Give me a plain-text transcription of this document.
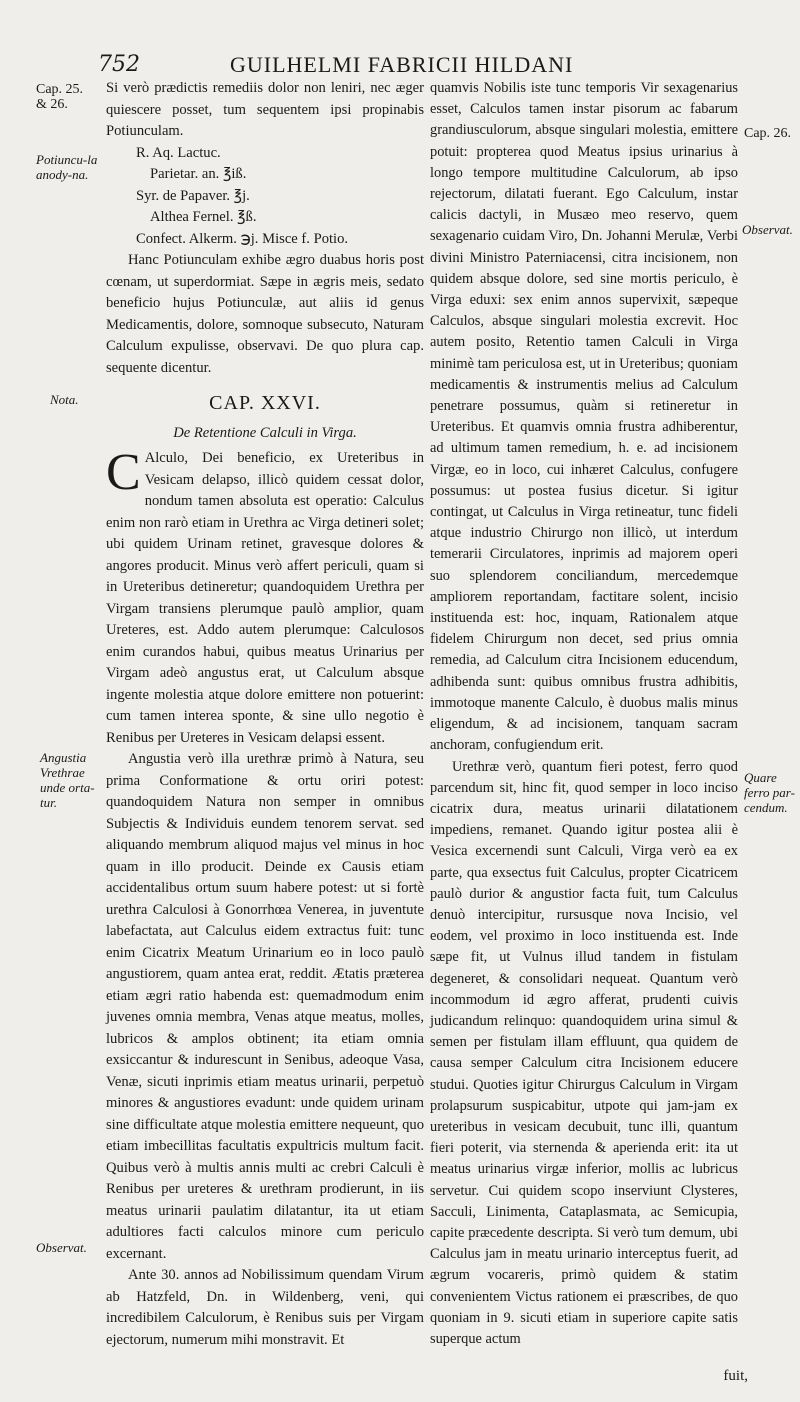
752	GUILHELMI FABRICII HILDANI
Cap. 25. & 26.
Potiuncu-la anody-na.
Nota.
Angustia Vrethrae unde orta-tur.
Observat.
Cap. 26.
Observat.
Quare ferro par-cendum.

Si verò prædictis remediis dolor non leniri, nec æger quiescere posset, tum sequentem ipsi propinabis Potiunculam.

R. Aq. Lactuc.

Parietar. an. ℥iß.

Syr. de Papaver. ℥j.

Althea Fernel. ℥ß.

Confect. Alkerm. ℈j. Misce f. Potio.

Hanc Potiunculam exhibe ægro duabus horis post cœnam, ut superdormiat. Sæpe in ægris meis, sedato beneficio hujus Potiunculæ, aut aliis id genus Medicamentis, dolore, somnoque subsecuto, Naturam Calculum expulisse, observavi. De quo plura cap. sequente dicentur.

CAP. XXVI.

De Retentione Calculi in Virga.

C Alculo, Dei beneficio, ex Ureteribus in Vesicam delapso, illicò quidem cessat dolor, nondum tamen absoluta est operatio: Calculus enim non rarò etiam in Urethra ac Virga detineri solet; ubi quidem Urinam retinet, gravesque dolores & angores producit. Minus verò affert periculi, quam si in Ureteribus detineretur; quandoquidem Urethra per Virgam transiens plerumque paulò amplior, quam Ureteres, est. Addo autem plerumque: Calculosos enim curandos habui, quibus meatus Urinarius per Virgam adeò angustus erat, ut Calculum absque ingente molestia atque dolore emittere non potuerint: cum tamen interea sponte, & sine ullo negotio è Renibus per Ureteres in Vesicam delapsi essent.

Angustia verò illa urethræ primò à Natura, seu prima Conformatione & ortu oriri potest: quandoquidem Natura non semper in omnibus Subjectis & Individuis eundem tenorem servat. sed aliquando membrum aliquod majus vel minus in hoc quam in illo producit. Deinde ex Causis etiam accidentalibus ortum suum habere potest: ut si fortè urethra Calculosi à Gonorrhœa Venerea, in juventute labefactata, aut Calculus eidem extractus fuit: tunc enim Cicatrix Meatum Urinarium eo in loco paulò angustiorem, quam antea erat, reddit. Ætatis præterea etiam ægri ratio habenda est: quemadmodum enim juvenes omnia membra, Venas atque meatus, molles, lubricos & amplos obtinent; ita etiam omnia exsiccantur & indurescunt in Senibus, adeoque Vasa, Venæ, sicuti inprimis etiam meatus urinarii, perpetuò minores & angustiores evadunt: unde quidem urinam sine difficultate atque molestia emittere nequeunt, quo etiam imbecillitas facultatis expultricis multum facit. Quibus verò à multis annis multi ac crebri Calculi è Renibus per ureteres & urethram prodierunt, in iis meatus urinarii paulatim dilatantur, ita ut etiam adultiores facti calculos minore cum periculo excernant.

Ante 30. annos ad Nobilissimum quendam Virum ab Hatzfeld, Dn. in Wildenberg, veni, qui incredibilem Calculorum, è Renibus suis per Virgam ejectorum, numerum mihi monstravit. Et

quamvis Nobilis iste tunc temporis Vir sexagenarius esset, Calculos tamen instar pisorum ac fabarum grandiusculorum, absque singulari molestia, emittere potuit: propterea quod Meatus ipsius urinarius à longo tempore multitudine Calculorum, ab ipso rejectorum, dilatati fuerant. Ego Calculum, instar calicis dactyli, in Musæo meo reservo, quem sexagenario cuidam Viro, Dn. Johanni Merulæ, Verbi divini Ministro Paterniacensi, citra incisionem, non quidem absque dolore, sed sine mortis periculo, è Virga eduxi: sex enim annos supervixit, sæpeque Calculos, absque singulari molestia excrevit. Hoc autem posito, Retentio tamen Calculi in Virga minimè tam periculosa est, ut in Ureteribus; quoniam medicamentis & instrumentis melius ad Calculum penetrare possumus, quàm si retineretur in Ureteribus. Et quamvis omnia frustra adhiberentur, ad ultimum tamen remedium, h. e. ad incisionem Virgæ, eo in loco, cui inhæret Calculus, confugere possumus: ut postea fusius dicetur. Si igitur contingat, ut Calculus in Virga retineatur, tunc fideli atque industrio Chirurgo non illicò, ut interdum temerarii Circulatores, inprimis ad majorem operi suo splendorem conciliandum, mercedemque ampliorem reportandam, factitare solent, incisio instituenda est: hoc, inquam, Rationalem atque fidelem Chirurgum non decet, sed prius omnia remedia, ad Calculum citra Incisionem educendum, adhibenda sunt: quibus omnibus frustra adhibitis, immotoque manente Calculo, è duobus malis minus eligendum, & ad incisionem, tanquam sacram anchoram, confugiendum erit.

Urethræ verò, quantum fieri potest, ferro quod parcendum sit, hinc fit, quod semper in loco inciso cicatrix dura, meatus urinarii dilatationem impediens, remanet. Quando igitur postea alii è Vesica excernendi sunt Calculi, Virga verò ea ex parte, qua exsectus fuit Calculus, propter Cicatricem paulò durior & angustior facta fuit, tum Calculus denuò intercipitur, rursusque nova Incisio, vel eodem, vel proximo in loco instituenda est. Inde sæpe fit, ut Vulnus illud tandem in fistulam degeneret, & consolidari nequeat. Quantum verò incommodum id ægro afferat, prudenti cuivis judicandum relinquo: quandoquidem urina simul & semen per fistulam illam effluunt, qua quidem de causa semper Calculum citra Incisionem educere studui. Quoties igitur Chirurgus Calculum in Virgam prolapsurum suspicabitur, utpote qui jam-jam ex ureteribus in vesicam decubuit, tunc illi, quantum fieri poterit, via sternenda & aperienda erit: ita ut meatus urinarius virgæ inferior, mollis ac lubricus servetur. Cui quidem scopo inserviunt Clysteres, Sacculi, Linimenta, Cataplasmata, ac Semicupia, capite præcedente descripta. Si verò tum demum, ubi Calculus jam in meatu urinario interceptus fuerit, ad ægrum vocareris, primò quidem & statim convenientem Victus rationem ei præscribes, de quo quoniam in 9. sicuti etiam in superiore capite satis superque actum

fuit,
